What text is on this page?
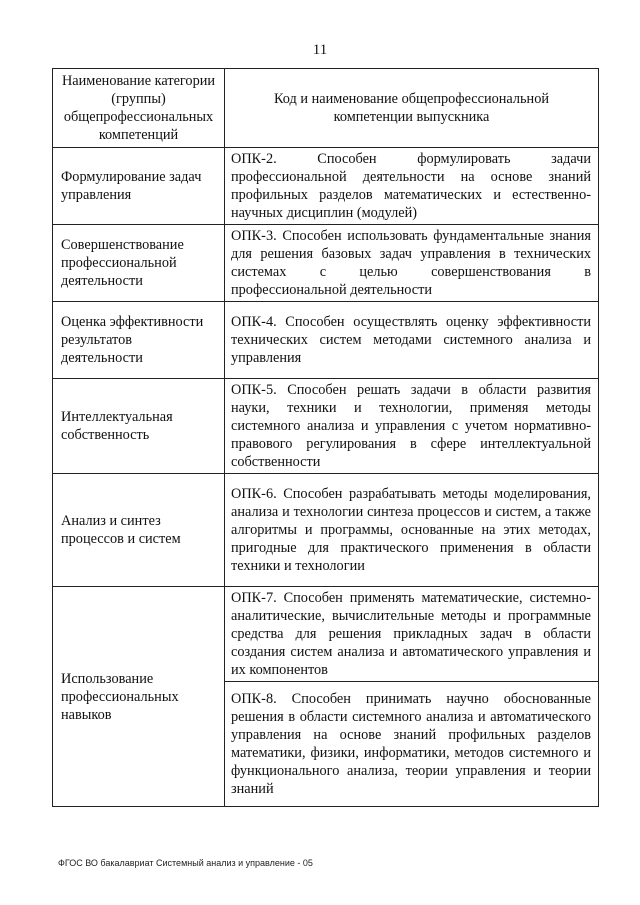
11
Наименование категории (группы) общепрофессиональных компетенций	Код и наименование общепрофессиональной компетенции выпускника
Формулирование задач управления	ОПК-2. Способен формулировать задачи профессиональной деятельности на основе знаний профильных разделов математических и естественно-научных дисциплин (модулей)
Совершенствование профессиональной деятельности	ОПК-3. Способен использовать фундаментальные знания для решения базовых задач управления в технических системах с целью совершенствования в профессиональной деятельности
Оценка эффективности результатов деятельности	ОПК-4. Способен осуществлять оценку эффективности технических систем методами системного анализа и управления
Интеллектуальная собственность	ОПК-5. Способен решать задачи в области развития науки, техники и технологии, применяя методы системного анализа и управления с учетом нормативно-правового регулирования в сфере интеллектуальной собственности
Анализ и синтез процессов и систем	ОПК-6. Способен разрабатывать методы моделирования, анализа и технологии синтеза процессов и систем, а также алгоритмы и программы, основанные на этих методах, пригодные для практического применения в области техники и технологии
Использование профессиональных навыков	ОПК-7. Способен применять математические, системно-аналитические, вычислительные методы и программные средства для решения прикладных задач в области создания систем анализа и автоматического управления и их компонентов
	ОПК-8. Способен принимать научно обоснованные решения в области системного анализа и автоматического управления на основе знаний профильных разделов математики, физики, информатики, методов системного и функционального анализа, теории управления и теории знаний
ФГОС ВО бакалавриат Системный анализ и управление - 05
